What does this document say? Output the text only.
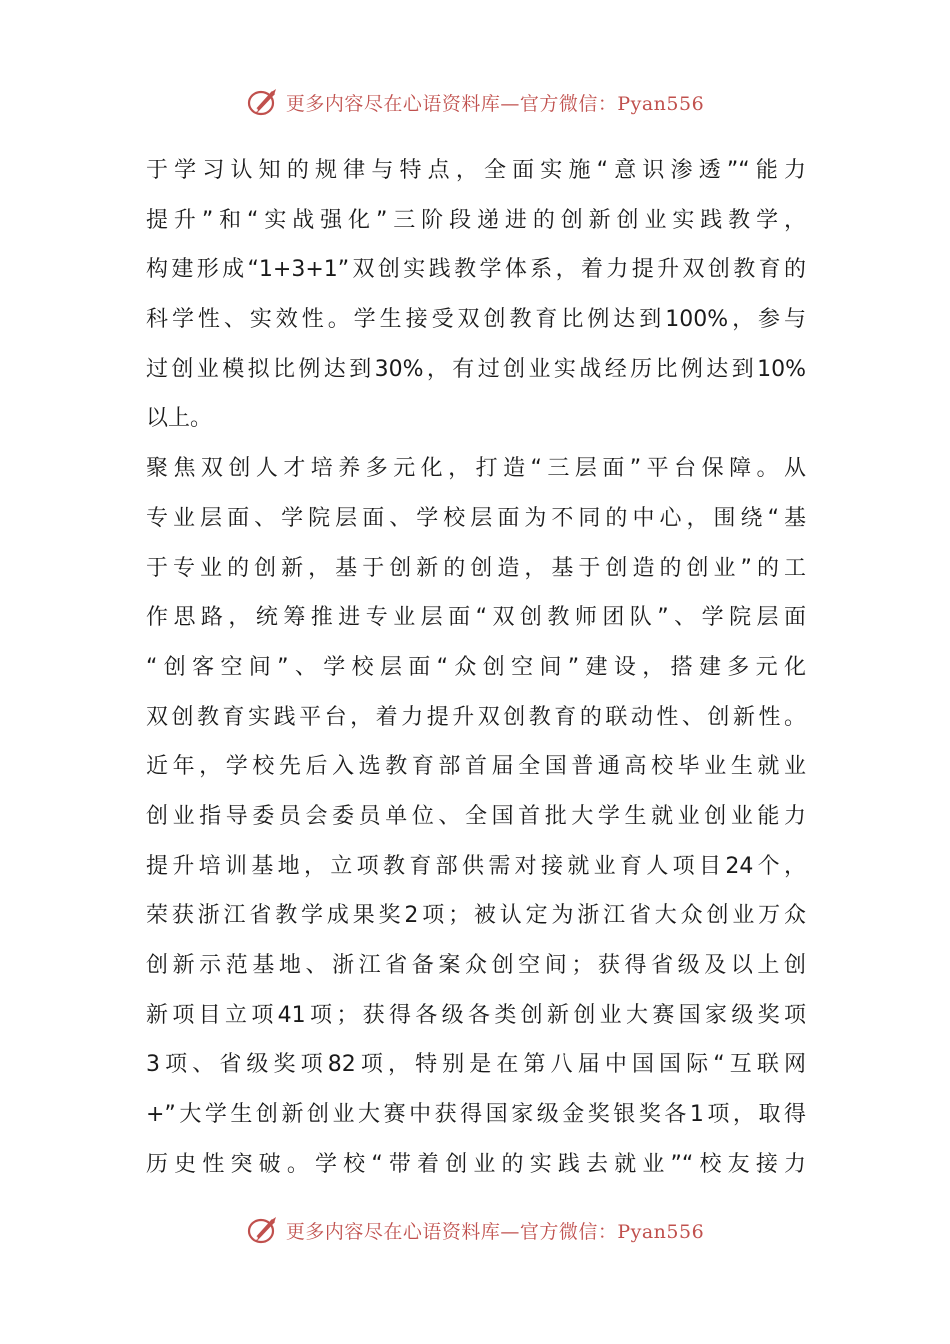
更多内容尽在心语资料库—官方微信：Pyan556
于学习认知的规律与特点，全面实施“意识渗透”“能力
提升”和“实战强化”三阶段递进的创新创业实践教学，
构建形成“1+3+1”双创实践教学体系，着力提升双创教育的
科学性、实效性。学生接受双创教育比例达到100%，参与
过创业模拟比例达到30%，有过创业实战经历比例达到10%
以上。
聚焦双创人才培养多元化，打造“三层面”平台保障。从
专业层面、学院层面、学校层面为不同的中心，围绕“基
于专业的创新，基于创新的创造，基于创造的创业”的工
作思路，统筹推进专业层面“双创教师团队”、学院层面
“创客空间”、学校层面“众创空间”建设，搭建多元化
双创教育实践平台，着力提升双创教育的联动性、创新性。
近年，学校先后入选教育部首届全国普通高校毕业生就业
创业指导委员会委员单位、全国首批大学生就业创业能力
提升培训基地，立项教育部供需对接就业育人项目24个，
荣获浙江省教学成果奖2项；被认定为浙江省大众创业万众
创新示范基地、浙江省备案众创空间；获得省级及以上创
新项目立项41项；获得各级各类创新创业大赛国家级奖项
3项、省级奖项82项，特别是在第八届中国国际“互联网
+”大学生创新创业大赛中获得国家级金奖银奖各1项，取得
历史性突破。学校“带着创业的实践去就业”“校友接力
更多内容尽在心语资料库—官方微信：Pyan556
